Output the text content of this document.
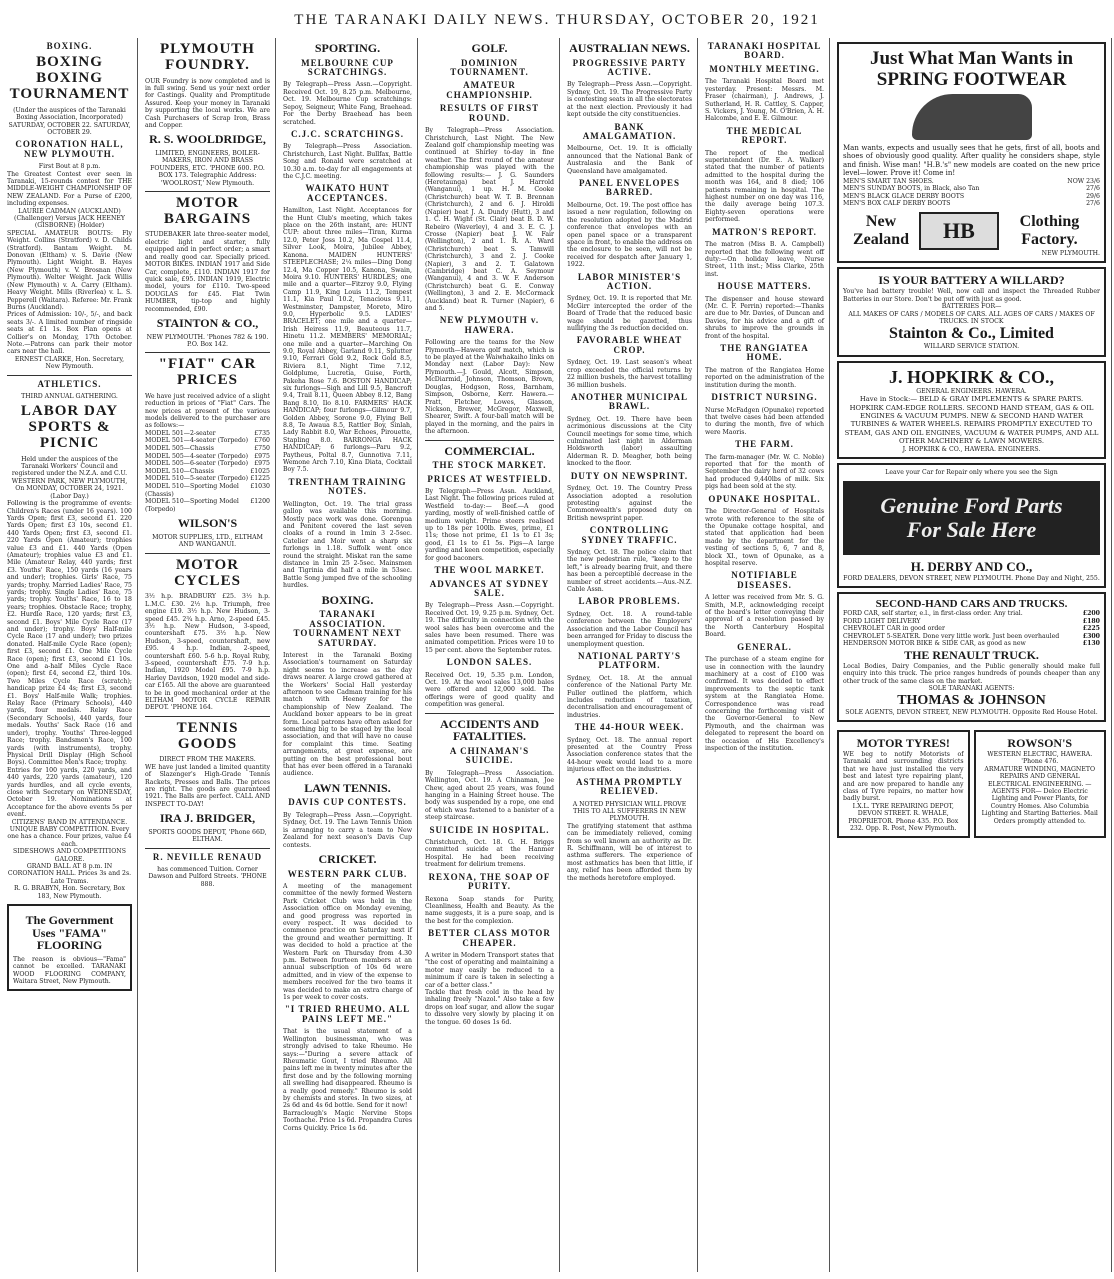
THE TARANAKI DAILY NEWS. THURSDAY, OCTOBER 20, 1921
BOXING.
BOXING BOXING TOURNAMENT
(Under the auspices of the Taranaki Boxing Association, Incorporated)
SATURDAY, OCTOBER 22. SATURDAY, OCTOBER 29.
CORONATION HALL, NEW PLYMOUTH.
First Bout at 8 p.m.
The Greatest Contest ever seen in Taranaki, 15-rounds contest for THE MIDDLE-WEIGHT CHAMPIONSHIP OF NEW ZEALAND. For a Purse of £200, including expenses.
LAURIE CADMAN (AUCKLAND) (Challenger) Versus JACK HEENEY (GISBORNE) (Holder)
SPECIAL AMATEUR BOUTS: Fly Weight. Collins (Stratford) v. D. Childs (Stratford). Bantam Weight. M. Donovan (Eltham) v. S. Davie (New Plymouth). Light Weight. B. Hayes (New Plymouth) v. V. Brosnan (New Plymouth). Welter Weight. Jack Willis (New Plymouth) v. A. Carry (Eltham). Heavy Weight. Mills (Riverlea) v. L. S. Pepperell (Waitara). Referee: Mr. Frank Burns (Auckland).
Prices of Admission: 10/-, 5/-, and back seats 3/-. A limited number of ringside seats at £1 1s. Box Plan opens at Collier's on Monday, 17th October. Note.—Patrons can park their motor cars near the hall.
ERNEST CLARKE, Hon. Secretary, New Plymouth.
ATHLETICS.
THIRD ANNUAL GATHERING.
LABOR DAY SPORTS & PICNIC
Held under the auspices of the Taranaki Workers' Council and registered under the N.Z.A. and C.U.
WESTERN PARK, NEW PLYMOUTH, On MONDAY, OCTOBER 24, 1921. (Labor Day.)
Following is the programme of events: Children's Races (under 16 years). 100 Yards Open; first £3, second £1. 220 Yards Open; first £3 10s, second £1. 440 Yards Open; first £3, second £1. 220 Yards Open (Amateur); trophies value £3 and £1. 440 Yards (Open (Amateur); trophies value £3 and £1. Mile (Amateur Relay, 440 yards; first £3. Youths' Race, 150 yards (16 years and under); trophies. Girls' Race, 75 yards; trophy. Married Ladies' Race, 75 yards; trophy. Single Ladies' Race, 75 yards; trophy. Youths' Race, 16 to 18 years; trophies. Obstacle Race; trophy, £2. Hurdle Race, 120 yards; first £3, second £1. Boys' Mile Cycle Race (17 and under); trophy. Boys' Half-mile Cycle Race (17 and under); two prizes donated. Half-mile Cycle Race (open); first £3, second £1. One Mile Cycle Race (open); first £3, second £1 10s. One and a-half Miles Cycle Race (open); first £4, second £2, third 10s. Two Miles Cycle Race (scratch); handicap prize £4 4s; first £3, second £1. Boys' Half-mile Walk; trophies. Relay Race (Primary Schools), 440 yards, four medals. Relay Race (Secondary Schools), 440 yards, four medals. Youths' Sack Race (16 and under), trophy. Youths' Three-legged Race; trophy. Bandsmen's Race, 100 yards (with instruments), trophy. Physical Drill Display (High School Boys). Committee Men's Race; trophy.
Entries for 100 yards, 220 yards, and 440 yards, 220 yards (amateur), 120 yards hurdles, and all cycle events, close with Secretary on WEDNESDAY, October 19. Nominations at Acceptance for the above events 5s per event.
CITIZENS' BAND IN ATTENDANCE.
UNIQUE BABY COMPETITION. Every one has a chance. Four prizes, value £4 each.
SIDESHOWS AND COMPETITIONS GALORE.
GRAND BALL AT 8 p.m. IN CORONATION HALL. Prices 3s and 2s. Late Trams.
R. G. BRABYN, Hon. Secretary, Box 183, New Plymouth.
The Government Uses "FAMA" FLOORING
The reason is obvious—"Fama" cannot be excelled. TARANAKI WOOD FLOORING COMPANY, Waitara Street, New Plymouth.
PLYMOUTH FOUNDRY.
OUR Foundry is now completed and is in full swing. Send us your next order for Castings. Quality and Promptitude Assured. Keep your money in Taranaki by supporting the local works. We are Cash Purchasers of Scrap Iron, Brass and Copper.
R. S. WOOLDRIDGE,
LIMITED, ENGINEERS, BOILER-MAKERS, IRON AND BRASS FOUNDERS, ETC. 'PHONE 600. P.O. BOX 173. Telegraphic Address: 'WOOLROST,' New Plymouth.
MOTOR BARGAINS
STUDEBAKER late three-seater model, electric light and starter, fully equipped and in perfect order; a smart and really good car. Specially priced. MOTOR BIKES. INDIAN 1917 and Side Car, complete, £110. INDIAN 1917 for quick sale, £95. INDIAN 1919, Electric model, yours for £110. Two-speed DOUGLAS for £45. Flat Twin HUMBER, tip-top and highly recommended, £90.
STAINTON & CO.,
NEW PLYMOUTH. 'Phones 782 & 190. P.O. Box 142.
"FIAT" CAR PRICES
We have just received advice of a slight reduction in prices of "Fiat" Cars. The new prices at present of the various models delivered to the purchaser are as follows:—
MODEL 501—2-seater	£735
MODEL 501—4-seater (Torpedo) £760
MODEL 505—Chassis	£750
MODEL 505—4-seater (Torpedo) £975
MODEL 505—6-seater (Torpedo) £975
MODEL 510—Chassis	£1025
MODEL 510—5-seater (Torpedo) £1225
MODEL 510—Sporting Model (Chassis)
£1030
MODEL 510—Sporting Model (Torpedo)
£1200
WILSON'S
MOTOR SUPPLIES, LTD., ELTHAM AND WANGANUI.
MOTOR CYCLES
3½ h.p. BRADBURY £25. 3½ h.p. L.M.C. £30. 2½ h.p. Triumph, free engine £19. 3½ h.p. New Hudson, 3-speed £45. 2¾ h.p. Arno, 2-speed £45. 3½ h.p. New Hudson, 3-speed, countershaft £75. 3½ h.p. New Hudson, 3-speed, countershaft, new £95. 4 h.p. Indian, 2-speed, countershaft £60. 5-6 h.p. Royal Ruby, 3-speed, countershaft £75. 7-9 h.p. Indian, 1920 Model £95. 7-9 h.p. Harley Davidson, 1920 model and side-car £165. All the above are guaranteed to be in good mechanical order at the ELTHAM MOTOR CYCLE REPAIR DEPOT. 'PHONE 164.
TENNIS GOODS
DIRECT FROM THE MAKERS.
WE have just landed a limited quantity of Slazenger's High-Grade Tennis Rackets, Presses and Balls. The prices are right. The goods are guaranteed 1921. The Balls are perfect. CALL AND INSPECT TO-DAY!
IRA J. BRIDGER,
SPORTS GOODS DEPOT, 'Phone 66D, ELTHAM.
R. NEVILLE RENAUD
has commenced Tuition. Corner Dawson and Pulford Streets. 'PHONE 888.
SPORTING.
MELBOURNE CUP SCRATCHINGS.
By Telegraph—Press Assn.—Copyright. Received Oct. 19, 8.25 p.m. Melbourne, Oct. 19. Melbourne Cup scratchings: Sepoy, Seigneur, White Fang, Braehead. For the Derby Braehead has been scratched.
C.J.C. SCRATCHINGS.
By Telegraph—Press Association. Christchurch, Last Night. Bullfax, Battle Song and Ronald were scratched at 10.30 a.m. to-day for all engagements at the C.J.C. meeting.
WAIKATO HUNT ACCEPTANCES.
Hamilton, Last Night. Acceptances for the Hunt Club's meeting, which takes place on the 26th instant, are: HUNT CUP: about three miles—Tiran, Kurma 12.0, Peter Joss 10.2, Ma Cospel 11.4, Silver Look, Moira, Jubilee Abbey, Kanona. MAIDEN HUNTERS' STEEPLECHASE; 2¼ miles—Ding Dong 12.4, Ma Copper 10.5, Kanona, Swain, Moira 9.10. HUNTERS' HURDLES; one mile and a quarter—Fitzroy 9.0, Flying Camp 11.9, King Louis 11.2, Tempest 11.1, Kia Paul 10.2, Tenacious 9.11, Westminster, Dampster, Moreto, Miro 9.0, Hyperbolic 9.5. LADIES' BRACELET; one mile and a quarter—Irish Heiress 11.9, Beauteous 11.7, Hinetu 11.2. MEMBERS' MEMORIAL; one mile and a quarter—Marching On 9.0, Royal Abbey, Garland 9.11, Splutter 9.10, Ferrari Gold 9.2, Rock Gold 8.5, Riviera 8.1, Night Time 7.12, Goldplume, Lucretia, Guise, Forth, Pakeha Rose 7.6. BOSTON HANDICAP; six furlongs—Sigh and Lill 9.5, Bancroft 9.4, Trail 8.11, Queen Abbey 8.12, Bang Bang 8.10, Ilo 8.10. FARMERS' HACK HANDICAP; four furlongs—Gilmour 9.7, Golden Abbey, Sorone 9.0, Flying Bell 8.8, Te Awaua 8.5, Rattler Boy, Sinlah, Lady Rabbit 8.0, War Echoes, Pirouette, Stapling 8.0. BARRONGA HACK HANDICAP; 6 furlongs—Paru 9.2, Paytheus, Poltal 8.7, Gunnotiva 7.11, Wemone Arch 7.10, Kina Diata, Cocktail Boy 7.5.
TRENTHAM TRAINING NOTES.
Wellington, Oct. 19. The trial grass gallop was available this morning. Mostly pace work was done. Gorenpua and Penitent covered the last seven cloaks of a round in 1min 3 2-5sec. Catelier and Moir went a sharp six furlongs in 1.18. Suffolk went once round the straight. Miskat ran the same distance in 1min 25 2-5sec. Mainsmen and Tigrinia did half a mile in 53sec. Battle Song jumped five of the schooling hurdles.
BOXING.
TARANAKI ASSOCIATION. TOURNAMENT NEXT SATURDAY.
Interest in the Taranaki Boxing Association's tournament on Saturday night seems to increase as the day draws nearer. A large crowd gathered at the Workers' Social Hall yesterday afternoon to see Cadman training for his match with Heeney for the championship of New Zealand. The Auckland boxer appears to be in great form. Local patrons have often asked for something big to be staged by the local association, and that will have no cause for complaint this time. Seating arrangements, at great expense, are putting on the best professional bout that has ever been offered in a Taranaki audience.
LAWN TENNIS.
DAVIS CUP CONTESTS.
By Telegraph—Press Assn.—Copyright. Sydney, Oct. 19. The Lawn Tennis Union is arranging to carry a team to New Zealand for next season's Davis Cup contests.
CRICKET.
WESTERN PARK CLUB.
A meeting of the management committee of the newly formed Western Park Cricket Club was held in the Association office on Monday evening, and good progress was reported in every respect. It was decided to commence practice on Saturday next if the ground and weather permitting. It was decided to hold a practice at the Western Park on Thursday from 4.30 p.m. Between fourteen members at an annual subscription of 10s 6d were admitted, and in view of the expense to members received for the two teams it was decided to make an extra charge of 1s per week to cover costs.
"I TRIED RHEUMO. ALL PAINS LEFT ME."
That is the usual statement of a Wellington businessman, who was strongly advised to take Rheumo. He says:—"During a severe attack of Rheumatic Gout, I tried Rheumo. All pains left me in twenty minutes after the first dose and by the following morning all swelling had disappeared. Rheumo is a really good remedy." Rheumo is sold by chemists and stores. In two sizes, at 2s 6d and 4s 6d bottle. Send for it now!
Barraclough's Magic Nervine Stops Toothache. Price 1s 6d. Propandra Cures Corns Quickly. Price 1s 6d.
GOLF.
DOMINION TOURNAMENT.
AMATEUR CHAMPIONSHIP.
RESULTS OF FIRST ROUND.
By Telegraph—Press Association. Christchurch, Last Night. The New Zealand golf championship meeting was continued at Shirley to-day in fine weather. The first round of the amateur championship was played with the following results:— J. G. Saunders (Heretaunga) beat J. Harrold (Wanganui), 1 up. H. M. Cooke (Christchurch) beat W. T. B. Brennan (Christchurch), 2 and 6. J. Hiroldi (Napier) beat J. A. Dundy (Hutt), 3 and 1. C. H. Wight (St. Clair) beat B. D. W. Rebeiro (Waverley), 4 and 3. E. C. J. Crosse (Napier) beat J. W. Fair (Wellington), 2 and 1. R. A. Ward (Christchurch) beat S. Tamwill (Christchurch), 3 and 2. J. Cooke (Napier), 3 and 2. T. Galatown (Cambridge) beat C. A. Seymour (Wanganui), 4 and 3. W. F. Anderson (Christchurch) beat G. E. Conway (Wellington), 3 and 2. E. McCormack (Auckland) beat R. Turner (Napier), 6 and 5.
NEW PLYMOUTH v. HAWERA.
Following are the teams for the New Plymouth—Hawera golf match, which is to be played at the Waiwhakaiho links on Monday next (Labor Day): New Plymouth.—J. Gould, Alcott, Simpson, McDiarmid, Johnson, Thomson, Brown, Douglas, Hodgson, Ross, Barnham, Simpson, Osborne, Kerr. Hawera.—Pratt, Fletcher, Lowes, Glasson, Nickson, Brewer, McGregor, Maxwell, Shearer, Swift. A four-ball match will be played in the morning, and the pairs in the afternoon.
COMMERCIAL.
THE STOCK MARKET.
PRICES AT WESTFIELD.
By Telegraph—Press Assn. Auckland, Last Night. The following prices ruled at Westfield to-day:— Beef.—A good yarding, mostly of well-finished cattle of medium weight. Prime steers realised up to 18s per 100lb. Ewes, prime, £1 11s; those not prime, £1 1s to £1 3s; good, £1 1s to £1 5s. Pigs—A large yarding and keen competition, especially for good baconers.
THE WOOL MARKET.
ADVANCES AT SYDNEY SALE.
By Telegraph—Press Assn.—Copyright. Received Oct. 19, 9.25 p.m. Sydney, Oct. 19. The difficulty in connection with the wool sales has been overcome and the sales have been resumed. There was animated competition. Prices were 10 to 15 per cent. above the September rates.
LONDON SALES.
Received Oct. 19, 5.35 p.m. London, Oct. 19. At the wool sales 13,000 bales were offered and 12,000 sold. The offerings were of good quality and competition was general.
ACCIDENTS AND FATALITIES.
A CHINAMAN'S SUICIDE.
By Telegraph—Press Association. Wellington, Oct. 19. A Chinaman, Joe Chew, aged about 25 years, was found hanging in a Haining Street house. The body was suspended by a rope, one end of which was fastened to a banister of a steep staircase.
SUICIDE IN HOSPITAL.
Christchurch, Oct. 18. G. H. Briggs committed suicide at the Hanmer Hospital. He had been receiving treatment for delirium tremens.
REXONA, THE SOAP OF PURITY.
Rexona Soap stands for Purity, Cleanliness, Health and Beauty. As the name suggests, it is a pure soap, and is the best for the complexion.
BETTER CLASS MOTOR CHEAPER.
A writer in Modern Transport states that "the cost of operating and maintaining a motor may easily be reduced to a minimum if care is taken in selecting a car of a better class."
Tackle that fresh cold in the head by inhaling freely "Nazol." Also take a few drops on loaf sugar, and allow the sugar to dissolve very slowly by placing it on the tongue. 60 doses 1s 6d.
AUSTRALIAN NEWS.
PROGRESSIVE PARTY ACTIVE.
By Telegraph—Press Assn.—Copyright. Sydney, Oct. 19. The Progressive Party is contesting seats in all the electorates at the next election. Previously it had kept outside the city constituencies.
BANK AMALGAMATION.
Melbourne, Oct. 19. It is officially announced that the National Bank of Australasia and the Bank of Queensland have amalgamated.
PANEL ENVELOPES BARRED.
Melbourne, Oct. 19. The post office has issued a new regulation, following on the resolution adopted by the Madrid conference that envelopes with an open panel space or a transparent space in front, to enable the address on the enclosure to be seen, will not be received for despatch after January 1, 1922.
LABOR MINISTER'S ACTION.
Sydney, Oct. 19. It is reported that Mr. McGirr intercepted the order of the Board of Trade that the reduced basic wage should be gazetted, thus nullifying the 3s reduction decided on.
FAVORABLE WHEAT CROP.
Sydney, Oct. 19. Last season's wheat crop exceeded the official returns by 22 million bushels, the harvest totalling 36 million bushels.
ANOTHER MUNICIPAL BRAWL.
Sydney, Oct. 19. There have been acrimonious discussions at the City Council meetings for some time, which culminated last night in Alderman Holdsworth (labor) assaulting Alderman R. D. Meagher, both being knocked to the floor.
DUTY ON NEWSPRINT.
Sydney, Oct. 19. The Country Press Association adopted a resolution protesting against the Commonwealth's proposed duty on British newsprint paper.
CONTROLLING SYDNEY TRAFFIC.
Sydney, Oct. 18. The police claim that the new pedestrian rule, "keep to the left," is already bearing fruit, and there has been a perceptible decrease in the number of street accidents.—Aus.-N.Z. Cable Assn.
LABOR PROBLEMS.
Sydney, Oct. 18. A round-table conference between the Employers' Association and the Labor Council has been arranged for Friday to discuss the unemployment question.
NATIONAL PARTY'S PLATFORM.
Sydney, Oct. 18. At the annual conference of the National Party Mr. Fuller outlined the platform, which includes reduction of taxation, decentralisation and encouragement of industries.
THE 44-HOUR WEEK.
Sydney, Oct. 18. The annual report presented at the Country Press Association conference states that the 44-hour week would lead to a more injurious effect on the industries.
ASTHMA PROMPTLY RELIEVED.
A NOTED PHYSICIAN WILL PROVE THIS TO ALL SUFFERERS IN NEW PLYMOUTH.
The gratifying statement that asthma can be immediately relieved, coming from so well known an authority as Dr. R. Schiffmann, will be of interest to asthma sufferers. The experience of most asthmatics has been that little, if any, relief has been afforded them by the methods heretofore employed.
TARANAKI HOSPITAL BOARD.
MONTHLY MEETING.
The Taranaki Hospital Board met yesterday. Present: Messrs. M. Fraser (chairman), J. Andrews, J. Sutherland, H. R. Cattley, S. Capper, S. Vickers, J. Young, M. O'Brien, A. H. Halcombe, and E. E. Gilmour.
THE MEDICAL REPORT.
The report of the medical superintendent (Dr. E. A. Walker) stated that the number of patients admitted to the hospital during the month was 164, and 8 died; 106 patients remaining in hospital. The highest number on one day was 116, the daily average being 107.3. Eighty-seven operations were performed.
MATRON'S REPORT.
The matron (Miss B. A. Campbell) reported that the following went off duty:—On holiday leave, Nurse Street, 11th inst.; Miss Clarke, 25th inst.
HOUSE MATTERS.
The dispenser and house steward (Mr. C. F. Perrin) reported:—Thanks are due to Mr. Davies, of Duncan and Davies, for his advice and a gift of shrubs to improve the grounds in front of the hospital.
THE RANGIATEA HOME.
The matron of the Rangiatea Home reported on the administration of the institution during the month.
DISTRICT NURSING.
Nurse McFadgen (Opunake) reported that twelve cases had been attended to during the month, five of which were Maoris.
THE FARM.
The farm-manager (Mr. W. C. Noble) reported that for the month of September the dairy herd of 32 cows had produced 9,440lbs of milk. Six pigs had been sold at the sty.
OPUNAKE HOSPITAL.
The Director-General of Hospitals wrote with reference to the site of the Opunake cottage hospital, and stated that application had been made by the department for the vesting of sections 5, 6, 7 and 8, block XI., town of Opunake, as a hospital reserve.
NOTIFIABLE DISEASES.
A letter was received from Mr. S. G. Smith, M.P., acknowledging receipt of the board's letter conveying their approval of a resolution passed by the North Canterbury Hospital Board.
GENERAL.
The purchase of a steam engine for use in connection with the laundry machinery at a cost of £100 was confirmed. It was decided to effect improvements to the septic tank system at the Rangiatea Home. Correspondence was read concerning the forthcoming visit of the Governor-General to New Plymouth, and the chairman was delegated to represent the board on the occasion of His Excellency's inspection of the institution.
Just What Man Wants in SPRING FOOTWEAR
Man wants, expects and usually sees that he gets, first of all, boots and shoes of obviously good quality. After quality he considers shape, style and finish. Wise man! "H.B.'s" new models are coated on the new price level—lower. Prove it! Come in!
MEN'S SMART TAN SHOES.	NOW 23/6
MEN'S SUNDAY BOOTS, in Black, also Tan	27/6
MEN'S BLACK GLACE DERBY BOOTS	29/6
MEN'S BOX CALF DERBY BOOTS	27/6
New Zealand	HB	Clothing Factory.
NEW PLYMOUTH.
IS YOUR BATTERY A WILLARD?
You've had battery trouble! Well, now call and inspect the Threaded Rubber Batteries in our Store. Don't be put off with just as good.
BATTERIES FOR—
ALL MAKES OF CARS / MODELS OF CARS. ALL AGES OF CARS / MAKES OF TRUCKS. IN STOCK
Stainton & Co., Limited
WILLARD SERVICE STATION.
J. HOPKIRK & CO.,
GENERAL ENGINEERS. HAWERA.
Have in Stock:— BELD & GRAY IMPLEMENTS & SPARE PARTS. HOPKIRK CAM-EDGE ROLLERS. SECOND HAND STEAM, GAS & OIL ENGINES & VACUUM PUMPS. NEW & SECOND HAND WATER TURBINES & WATER WHEELS. REPAIRS PROMPTLY EXECUTED TO STEAM, GAS AND OIL ENGINES, VACUUM & WATER PUMPS, AND ALL OTHER MACHINERY & LAWN MOWERS.
J. HOPKIRK & CO., HAWERA. ENGINEERS.
Leave your Car for Repair only where you see the Sign
Genuine Ford Parts
For Sale Here
H. DERBY AND CO.,
FORD DEALERS, DEVON STREET, NEW PLYMOUTH. Phone Day and Night, 255.
SECOND-HAND CARS AND TRUCKS.
FORD CAR, self starter, e.l., in first-class order. Any trial.	£200
FORD LIGHT DELIVERY	£180
CHEVROLET CAR in good order	£225
CHEVROLET 5-SEATER. Done very little work. Just been overhauled	£300
HENDERSON MOTOR BIKE & SIDE CAR, as good as new	£130
THE RENAULT TRUCK.
Local Bodies, Dairy Companies, and the Public generally should make full enquiry into this truck. The price ranges hundreds of pounds cheaper than any other truck of the same class on the market.
SOLE TARANAKI AGENTS:
THOMAS & JOHNSON
SOLE AGENTS, DEVON STREET, NEW PLYMOUTH. Opposite Red House Hotel.
MOTOR TYRES!
WE beg to notify Motorists of Taranaki and surrounding districts that we have just installed the very best and latest tyre repairing plant, and are now prepared to handle any class of Tyre repairs, no matter how badly burst.
I.X.L. TYRE REPAIRING DEPOT,
DEVON STREET. R. WHALE, PROPRIETOR. Phone 435. P.O. Box 232. Opp. R. Post, New Plymouth.
ROWSON'S
WESTERN ELECTRIC, HAWERA. 'Phone 476.
ARMATURE WINDING, MAGNETO REPAIRS AND GENERAL ELECTRICAL ENGINEERING. —AGENTS FOR— Delco Electric Lighting and Power Plants, for Country Homes. Also Columbia Lighting and Starting Batteries. Mail Orders promptly attended to.
